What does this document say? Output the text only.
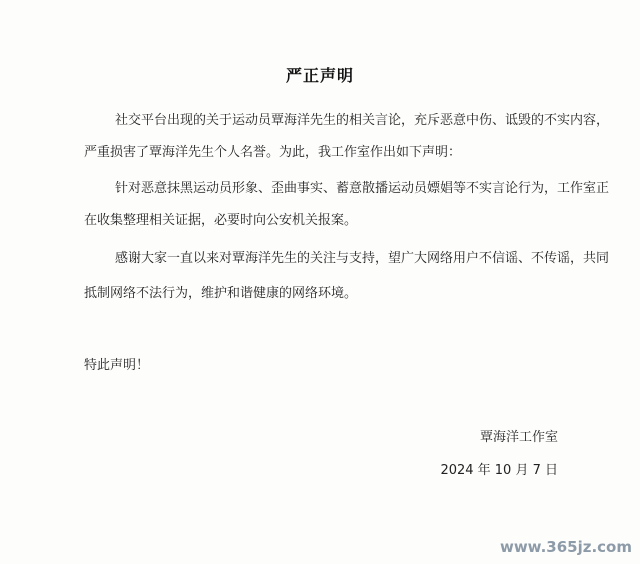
严正声明
社交平台出现的关于运动员覃海洋先生的相关言论，充斥恶意中伤、诋毁的不实内容，
严重损害了覃海洋先生个人名誉。为此，我工作室作出如下声明：
针对恶意抹黑运动员形象、歪曲事实、蓄意散播运动员嫖娼等不实言论行为，工作室正
在收集整理相关证据，必要时向公安机关报案。
感谢大家一直以来对覃海洋先生的关注与支持，望广大网络用户不信谣、不传谣，共同
抵制网络不法行为，维护和谐健康的网络环境。
特此声明！
覃海洋工作室
2024 年 10 月 7 日
www.365jz.com
